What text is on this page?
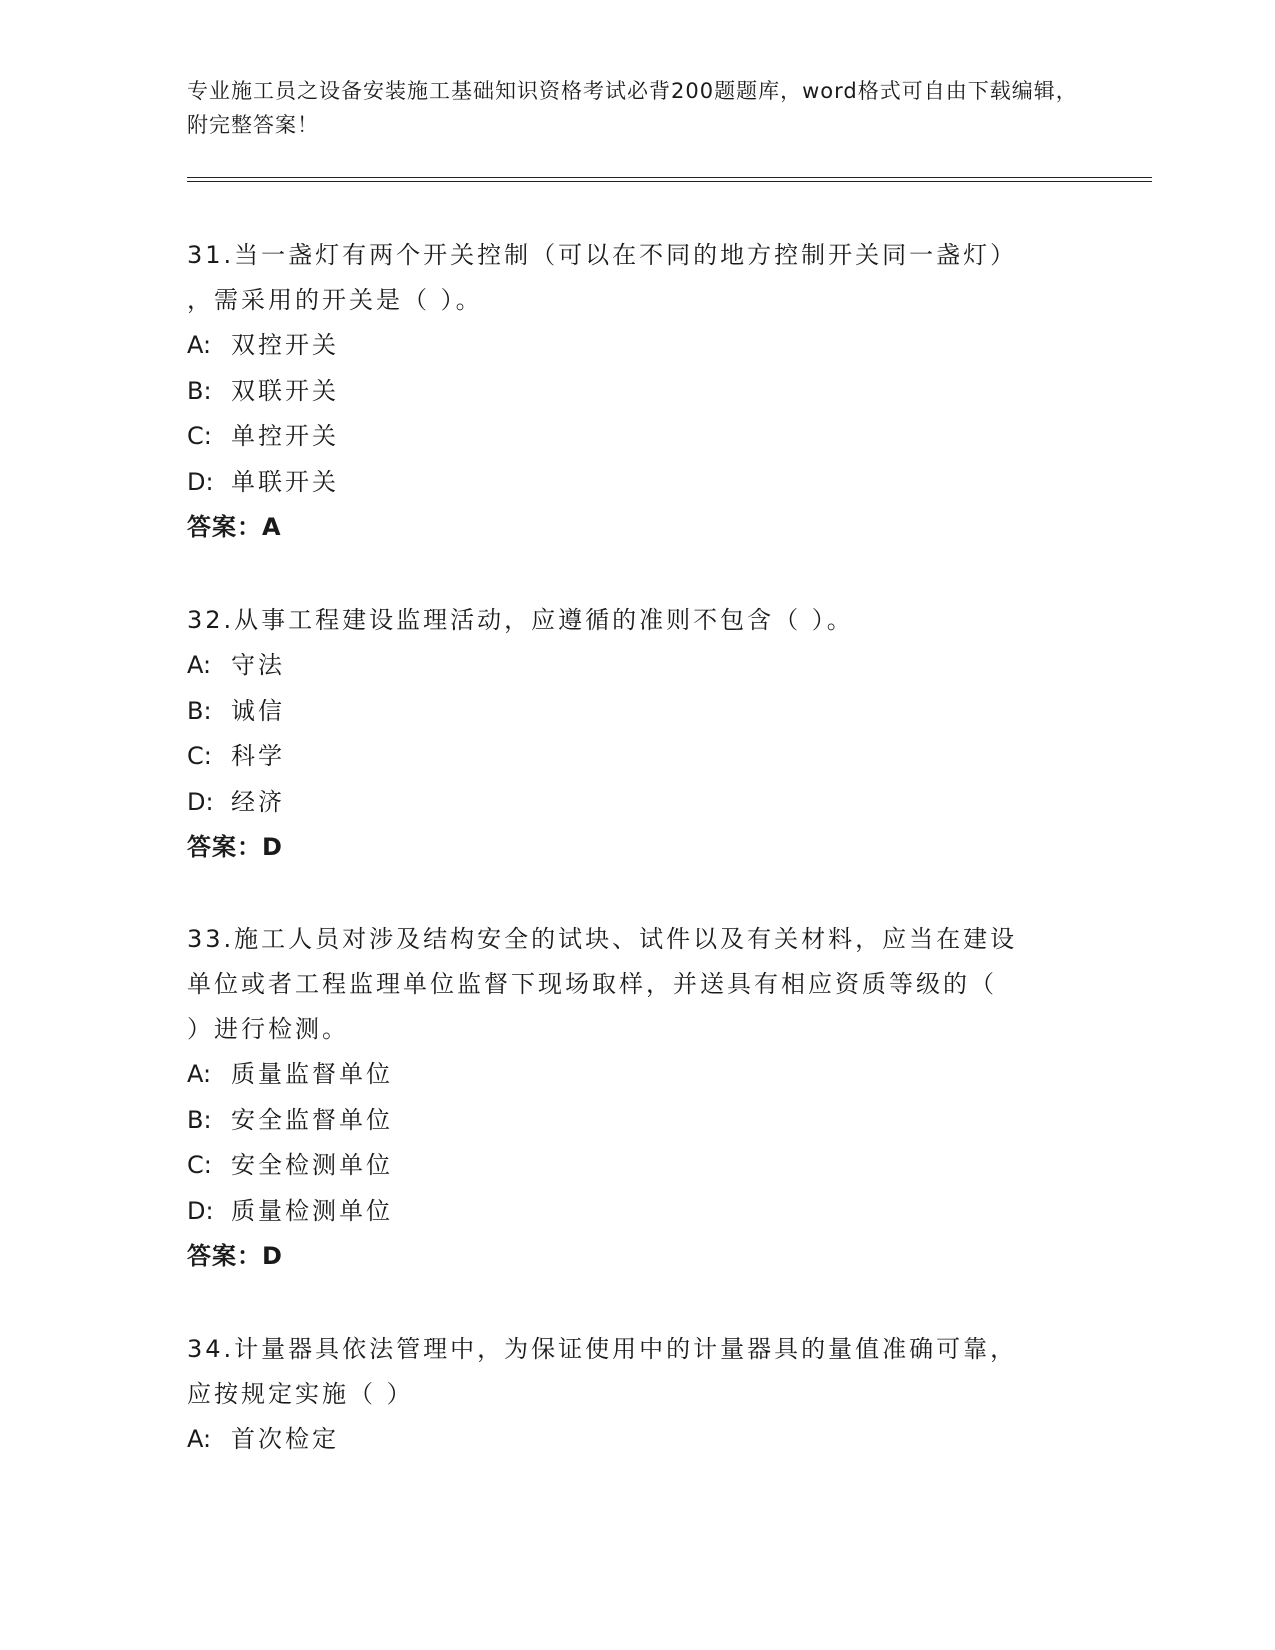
专业施工员之设备安装施工基础知识资格考试必背200题题库，word格式可自由下载编辑，附完整答案！

31.当一盏灯有两个开关控制（可以在不同的地方控制开关同一盏灯）
，需采用的开关是（ ）。

A: 双控开关
B: 双联开关
C: 单控开关
D: 单联开关
答案：A

32.从事工程建设监理活动，应遵循的准则不包含（ ）。

A: 守法
B: 诚信
C: 科学
D: 经济
答案：D

33.施工人员对涉及结构安全的试块、试件以及有关材料，应当在建设
单位或者工程监理单位监督下现场取样，并送具有相应资质等级的（
）进行检测。

A: 质量监督单位
B: 安全监督单位
C: 安全检测单位
D: 质量检测单位
答案：D

34.计量器具依法管理中，为保证使用中的计量器具的量值准确可靠，
应按规定实施（ ）

A: 首次检定
